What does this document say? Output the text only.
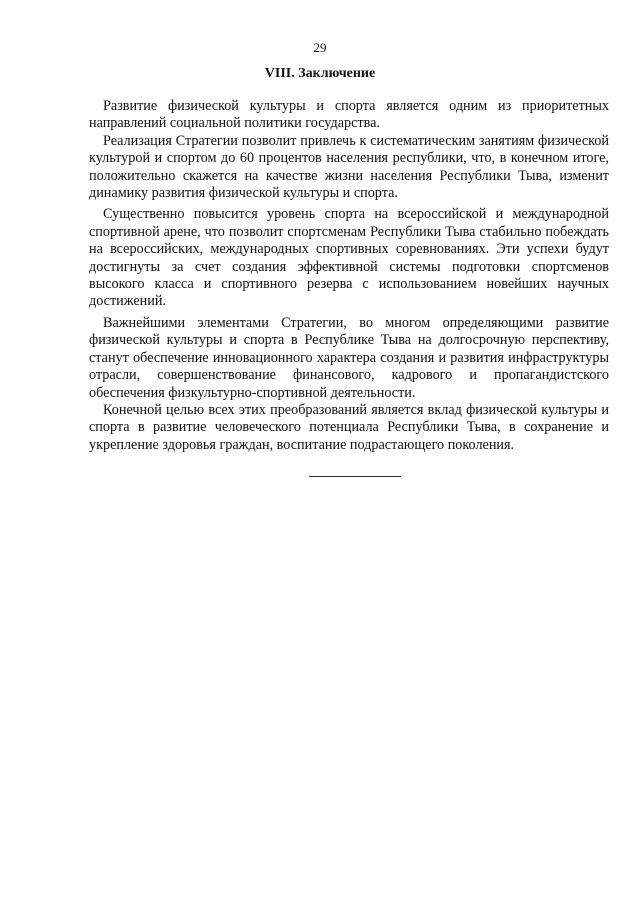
29
VIII. Заключение

Развитие физической культуры и спорта является одним из приоритетных направлений социальной политики государства.

Реализация Стратегии позволит привлечь к систематическим занятиям физической культурой и спортом до 60 процентов населения республики, что, в конечном итоге, положительно скажется на качестве жизни населения Республики Тыва, изменит динамику развития физической культуры и спорта.

Существенно повысится уровень спорта на всероссийской и международной спортивной арене, что позволит спортсменам Республики Тыва стабильно побеждать на всероссийских, международных спортивных соревнованиях. Эти успехи будут достигнуты за счет создания эффективной системы подготовки спортсменов высокого класса и спортивного резерва с использованием новейших научных достижений.

Важнейшими элементами Стратегии, во многом определяющими развитие физической культуры и спорта в Республике Тыва на долгосрочную перспективу, станут обеспечение инновационного характера создания и развития инфраструктуры отрасли, совершенствование финансового, кадрового и пропагандистского обеспечения физкультурно-спортивной деятельности.

Конечной целью всех этих преобразований является вклад физической культуры и спорта в развитие человеческого потенциала Республики Тыва, в сохранение и укрепление здоровья граждан, воспитание подрастающего поколения.
